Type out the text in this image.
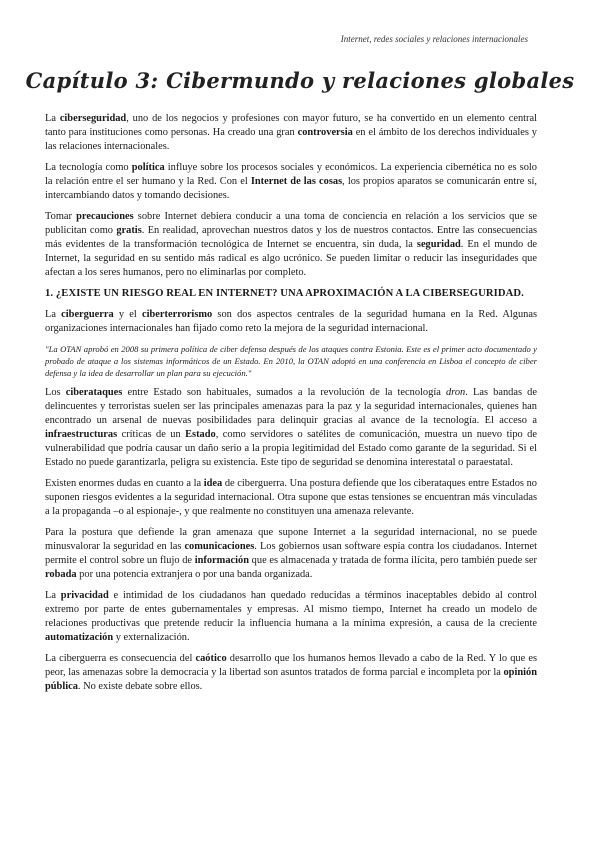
Internet, redes sociales y relaciones internacionales
Capítulo 3: Cibermundo y relaciones globales

La ciberseguridad, uno de los negocios y profesiones con mayor futuro, se ha convertido en un elemento central tanto para instituciones como personas. Ha creado una gran controversia en el ámbito de los derechos individuales y las relaciones internacionales.

La tecnología como política influye sobre los procesos sociales y económicos. La experiencia cibernética no es solo la relación entre el ser humano y la Red. Con el Internet de las cosas, los propios aparatos se comunicarán entre sí, intercambiando datos y tomando decisiones.

Tomar precauciones sobre Internet debiera conducir a una toma de conciencia en relación a los servicios que se publicitan como gratis. En realidad, aprovechan nuestros datos y los de nuestros contactos. Entre las consecuencias más evidentes de la transformación tecnológica de Internet se encuentra, sin duda, la seguridad. En el mundo de Internet, la seguridad en su sentido más radical es algo ucrónico. Se pueden limitar o reducir las inseguridades que afectan a los seres humanos, pero no eliminarlas por completo.

1. ¿EXISTE UN RIESGO REAL EN INTERNET? UNA APROXIMACIÓN A LA CIBERSEGURIDAD.

La ciberguerra y el ciberterrorismo son dos aspectos centrales de la seguridad humana en la Red. Algunas organizaciones internacionales han fijado como reto la mejora de la seguridad internacional.

"La OTAN aprobó en 2008 su primera política de ciber defensa después de los ataques contra Estonia. Este es el primer acto documentado y probado de ataque a los sistemas informáticos de un Estado. En 2010, la OTAN adoptó en una conferencia en Lisboa el concepto de ciber defensa y la idea de desarrollar un plan para su ejecución."

Los ciberataques entre Estado son habituales, sumados a la revolución de la tecnología dron. Las bandas de delincuentes y terroristas suelen ser las principales amenazas para la paz y la seguridad internacionales, quienes han encontrado un arsenal de nuevas posibilidades para delinquir gracias al avance de la tecnología. El acceso a infraestructuras críticas de un Estado, como servidores o satélites de comunicación, muestra un nuevo tipo de vulnerabilidad que podría causar un daño serio a la propia legitimidad del Estado como garante de la seguridad. Si el Estado no puede garantizarla, peligra su existencia. Este tipo de seguridad se denomina interestatal o paraestatal.

Existen enormes dudas en cuanto a la idea de ciberguerra. Una postura defiende que los ciberataques entre Estados no suponen riesgos evidentes a la seguridad internacional. Otra supone que estas tensiones se encuentran más vinculadas a la propaganda –o al espionaje-, y que realmente no constituyen una amenaza relevante.

Para la postura que defiende la gran amenaza que supone Internet a la seguridad internacional, no se puede minusvalorar la seguridad en las comunicaciones. Los gobiernos usan software espía contra los ciudadanos. Internet permite el control sobre un flujo de información que es almacenada y tratada de forma ilícita, pero también puede ser robada por una potencia extranjera o por una banda organizada.

La privacidad e intimidad de los ciudadanos han quedado reducidas a términos inaceptables debido al control extremo por parte de entes gubernamentales y empresas. Al mismo tiempo, Internet ha creado un modelo de relaciones productivas que pretende reducir la influencia humana a la mínima expresión, a causa de la creciente automatización y externalización.

La ciberguerra es consecuencia del caótico desarrollo que los humanos hemos llevado a cabo de la Red. Y lo que es peor, las amenazas sobre la democracia y la libertad son asuntos tratados de forma parcial e incompleta por la opinión pública. No existe debate sobre ellos.
